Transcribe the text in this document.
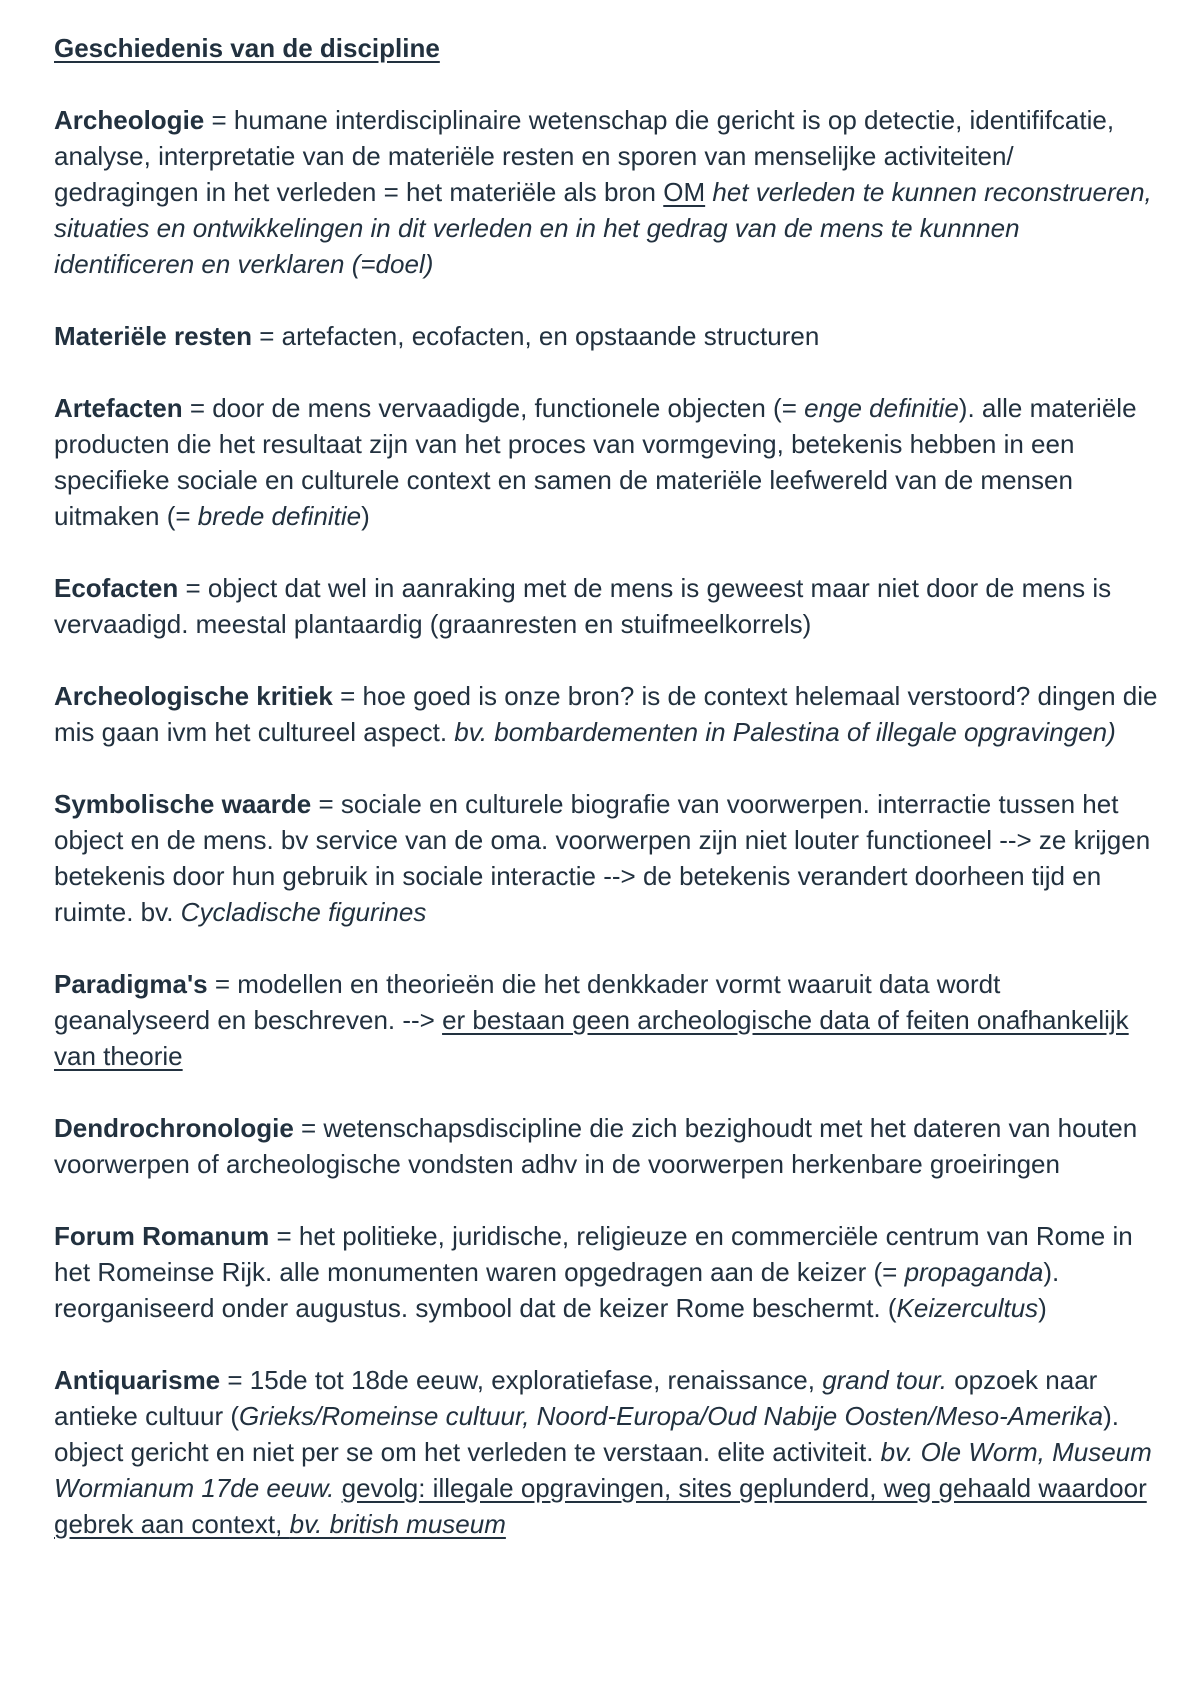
Geschiedenis van de discipline

Archeologie = humane interdisciplinaire wetenschap die gericht is op detectie, identififcatie, analyse, interpretatie van de materiële resten en sporen van menselijke activiteiten/ gedragingen in het verleden = het materiële als bron OM het verleden te kunnen reconstrueren, situaties en ontwikkelingen in dit verleden en in het gedrag van de mens te kunnnen identificeren en verklaren (=doel)

Materiële resten = artefacten, ecofacten, en opstaande structuren

Artefacten = door de mens vervaadigde, functionele objecten (= enge definitie). alle materiële producten die het resultaat zijn van het proces van vormgeving, betekenis hebben in een specifieke sociale en culturele context en samen de materiële leefwereld van de mensen uitmaken (= brede definitie)

Ecofacten = object dat wel in aanraking met de mens is geweest maar niet door de mens is vervaadigd. meestal plantaardig (graanresten en stuifmeelkorrels)

Archeologische kritiek = hoe goed is onze bron? is de context helemaal verstoord? dingen die mis gaan ivm het cultureel aspect. bv. bombardementen in Palestina of illegale opgravingen)

Symbolische waarde = sociale en culturele biografie van voorwerpen. interractie tussen het object en de mens. bv service van de oma. voorwerpen zijn niet louter functioneel --> ze krijgen betekenis door hun gebruik in sociale interactie --> de betekenis verandert doorheen tijd en ruimte. bv. Cycladische figurines

Paradigma's = modellen en theorieën die het denkkader vormt waaruit data wordt geanalyseerd en beschreven. --> er bestaan geen archeologische data of feiten onafhankelijk van theorie

Dendrochronologie = wetenschapsdiscipline die zich bezighoudt met het dateren van houten voorwerpen of archeologische vondsten adhv in de voorwerpen herkenbare groeiringen

Forum Romanum = het politieke, juridische, religieuze en commerciële centrum van Rome in het Romeinse Rijk. alle monumenten waren opgedragen aan de keizer (= propaganda). reorganiseerd onder augustus. symbool dat de keizer Rome beschermt. (Keizercultus)

Antiquarisme = 15de tot 18de eeuw, exploratiefase, renaissance, grand tour. opzoek naar antieke cultuur (Grieks/Romeinse cultuur, Noord-Europa/Oud Nabije Oosten/Meso-Amerika). object gericht en niet per se om het verleden te verstaan. elite activiteit. bv. Ole Worm, Museum Wormianum 17de eeuw. gevolg: illegale opgravingen, sites geplunderd, weg gehaald waardoor gebrek aan context, bv. british museum
